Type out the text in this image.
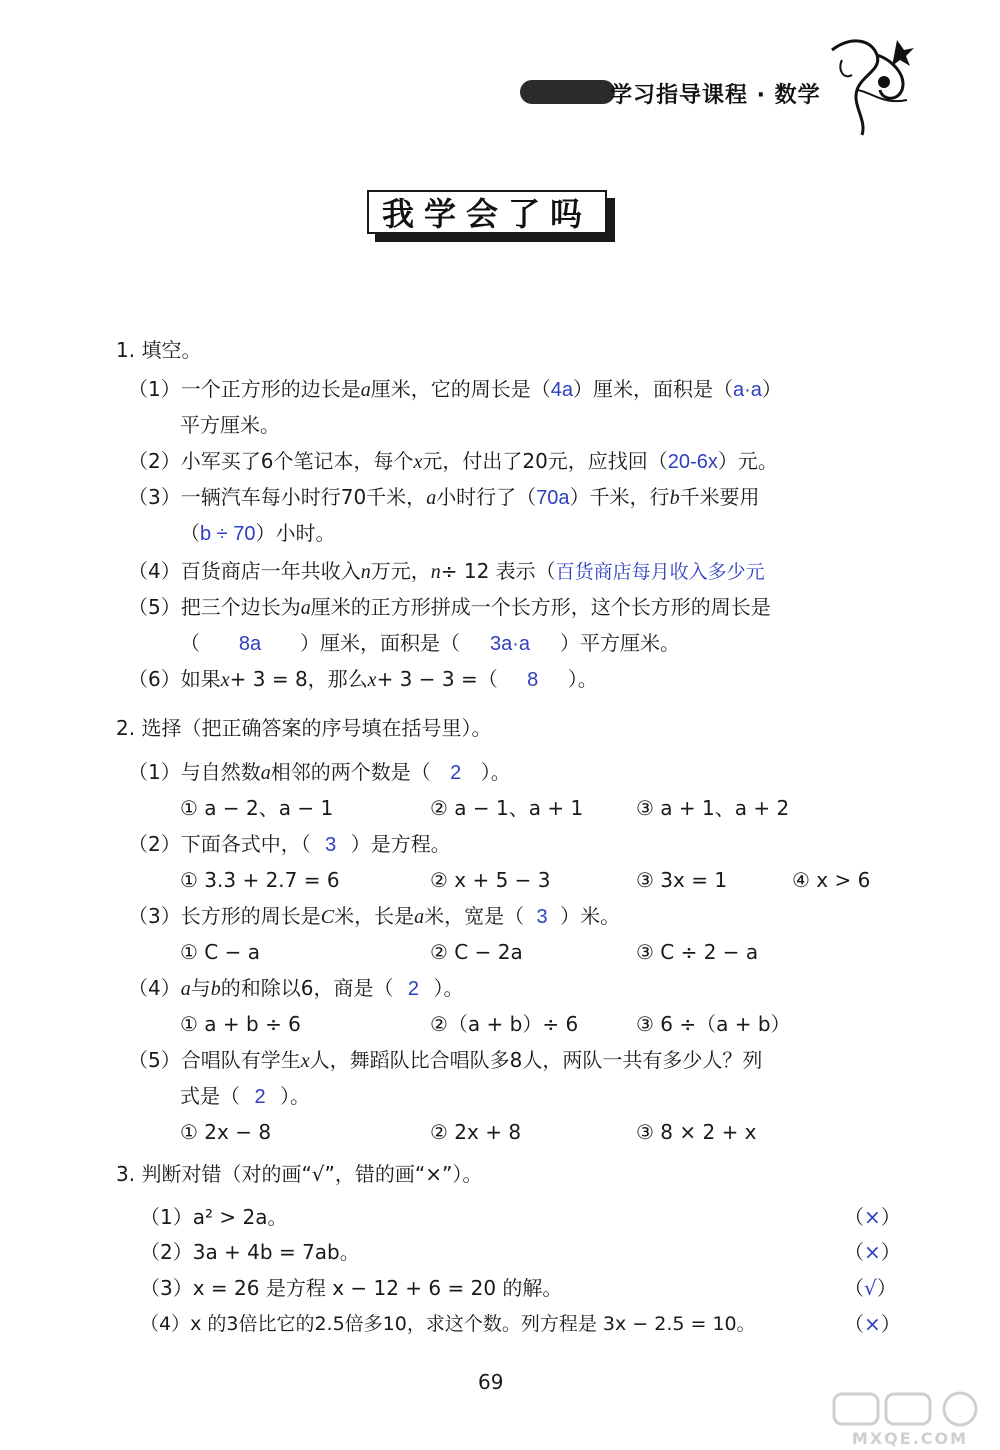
学习指导课程 · 数学
我学会了吗
1. 填空。
（1）一个正方形的边长是a厘米，它的周长是（4a）厘米，面积是（a·a）
平方厘米。
（2）小军买了6个笔记本，每个x元，付出了20元，应找回（20-6x）元。
（3）一辆汽车每小时行70千米，a小时行了（70a）千米，行b千米要用
（b ÷ 70）小时。
（4）百货商店一年共收入n万元，n÷ 12 表示（百货商店每月收入多少元
（5）把三个边长为a厘米的正方形拼成一个长方形，这个长方形的周长是
（ 8a ）厘米，面积是（ 3a·a ）平方厘米。
（6）如果x+ 3 = 8，那么x+ 3 − 3 =（ 8 ）。
2. 选择（把正确答案的序号填在括号里）。
（1）与自然数a相邻的两个数是（ 2 ）。
① a − 2、a − 1	② a − 1、a + 1	③ a + 1、a + 2
（2）下面各式中，（ 3 ）是方程。
① 3.3 + 2.7 = 6	② x + 5 − 3	③ 3x = 1	④ x > 6
（3）长方形的周长是C米，长是a米，宽是（ 3 ）米。
① C − a	② C − 2a	③ C ÷ 2 − a
（4）a与b的和除以6，商是（ 2 ）。
① a + b ÷ 6	②（a + b）÷ 6	③ 6 ÷（a + b）
（5）合唱队有学生x人，舞蹈队比合唱队多8人，两队一共有多少人？列
式是（ 2 ）。
① 2x − 8	② 2x + 8	③ 8 × 2 + x
3. 判断对错（对的画“√”，错的画“×”）。
（1）a² > 2a。	（×）
（2）3a + 4b = 7ab。	（×）
（3）x = 26 是方程 x − 12 + 6 = 20 的解。	（√）
（4）x 的3倍比它的2.5倍多10，求这个数。列方程是 3x − 2.5 = 10。	（×）
69
MXQE.COM
